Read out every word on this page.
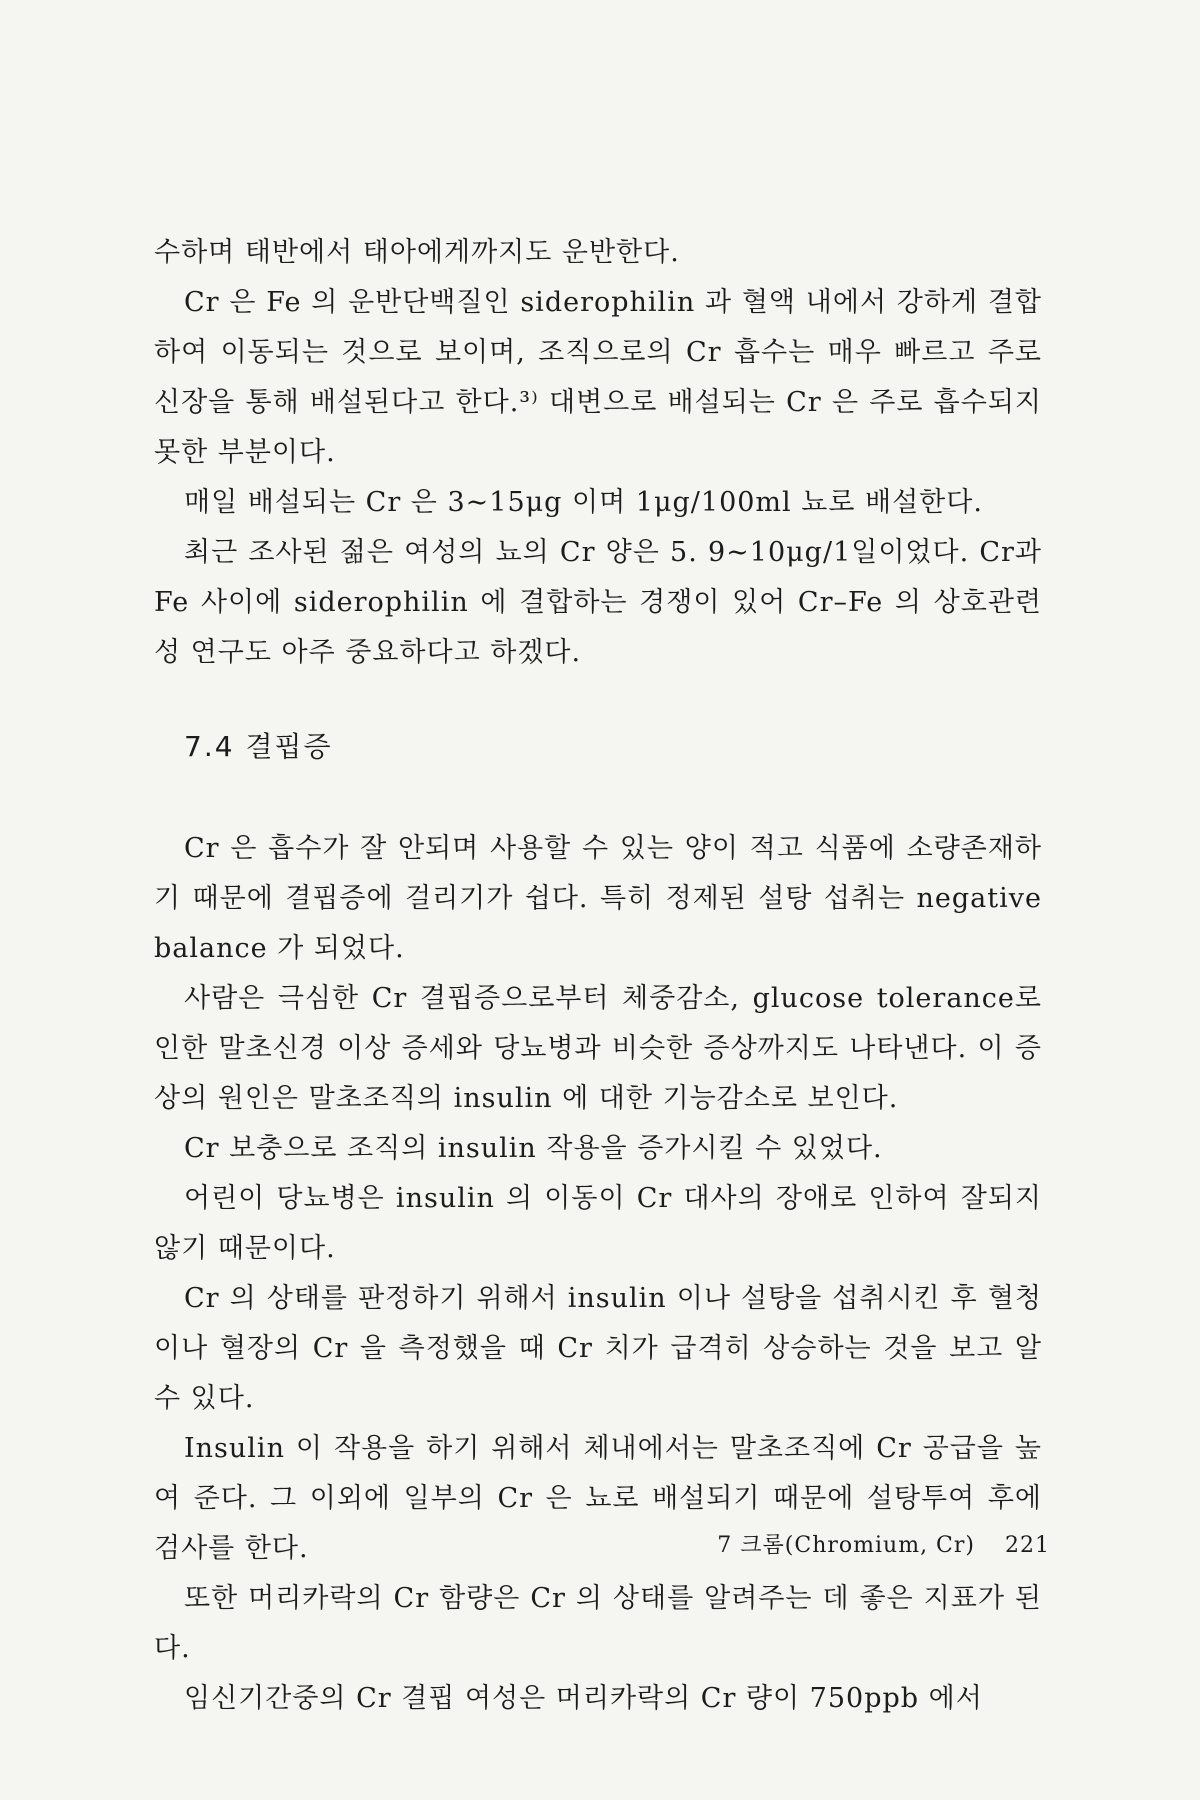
수하며 태반에서 태아에게까지도 운반한다.

Cr 은 Fe 의 운반단백질인 siderophilin 과 혈액 내에서 강하게 결합하여 이동되는 것으로 보이며, 조직으로의 Cr 흡수는 매우 빠르고 주로 신장을 통해 배설된다고 한다.³⁾ 대변으로 배설되는 Cr 은 주로 흡수되지 못한 부분이다.

매일 배설되는 Cr 은 3∼15μg 이며 1μg/100ml 뇨로 배설한다.

최근 조사된 젊은 여성의 뇨의 Cr 양은 5. 9∼10μg/1일이었다. Cr과 Fe 사이에 siderophilin 에 결합하는 경쟁이 있어 Cr–Fe 의 상호관련성 연구도 아주 중요하다고 하겠다.

7.4 결핍증

Cr 은 흡수가 잘 안되며 사용할 수 있는 양이 적고 식품에 소량존재하기 때문에 결핍증에 걸리기가 쉽다. 특히 정제된 설탕 섭취는 negative balance 가 되었다.

사람은 극심한 Cr 결핍증으로부터 체중감소, glucose tolerance로 인한 말초신경 이상 증세와 당뇨병과 비슷한 증상까지도 나타낸다. 이 증상의 원인은 말초조직의 insulin 에 대한 기능감소로 보인다.

Cr 보충으로 조직의 insulin 작용을 증가시킬 수 있었다.

어린이 당뇨병은 insulin 의 이동이 Cr 대사의 장애로 인하여 잘되지 않기 때문이다.

Cr 의 상태를 판정하기 위해서 insulin 이나 설탕을 섭취시킨 후 혈청이나 혈장의 Cr 을 측정했을 때 Cr 치가 급격히 상승하는 것을 보고 알 수 있다.

Insulin 이 작용을 하기 위해서 체내에서는 말초조직에 Cr 공급을 높여 준다. 그 이외에 일부의 Cr 은 뇨로 배설되기 때문에 설탕투여 후에 검사를 한다.

또한 머리카락의 Cr 함량은 Cr 의 상태를 알려주는 데 좋은 지표가 된다.

임신기간중의 Cr 결핍 여성은 머리카락의 Cr 량이 750ppb 에서

7 크롬(Chromium, Cr) 221
